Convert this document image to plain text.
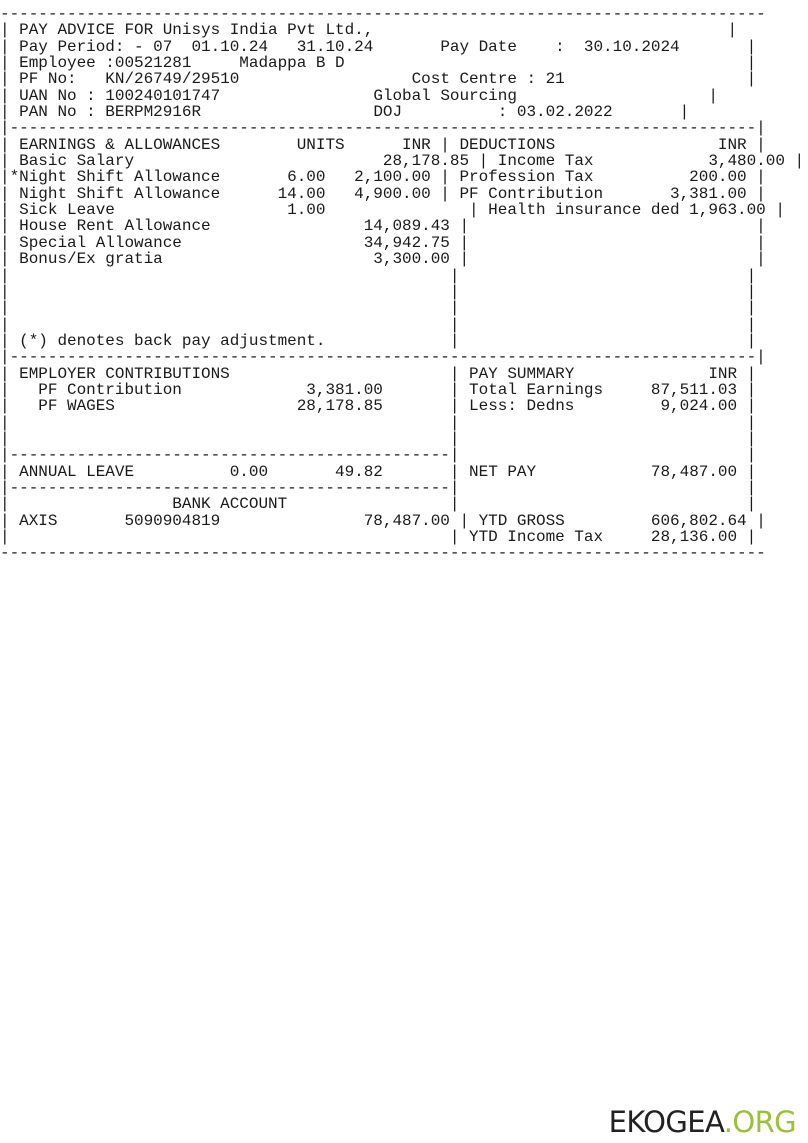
--------------------------------------------------------------------------------
| PAY ADVICE FOR Unisys India Pvt Ltd.,	|
| Pay Period: - 07  01.10.24   31.10.24	Pay Date    :  30.10.2024	|
| Employee :00521281     Madappa B D	|
| PF No:   KN/26749/29510	Cost Centre : 21	|
| UAN No : 100240101747	Global Sourcing	|
| PAN No : BERPM2916R	DOJ          : 03.02.2022	|
|------------------------------------------------------------------------------|
| EARNINGS & ALLOWANCES        UNITS      INR | DEDUCTIONS                 INR |
| Basic Salary                          28,178.85 | Income Tax            3,480.00 |
|*Night Shift Allowance       6.00   2,100.00 | Profession Tax          200.00 |
| Night Shift Allowance      14.00   4,900.00 | PF Contribution       3,381.00 |
| Sick Leave                  1.00               | Health insurance ded 1,963.00 |
| House Rent Allowance                14,089.43 |                              |
| Special Allowance                   34,942.75 |                              |
| Bonus/Ex gratia                      3,300.00 |                              |
|                                              |                              |
|                                              |                              |
|                                              |                              |
|                                              |                              |
| (*) denotes back pay adjustment.	|                              |
|------------------------------------------------------------------------------|
| EMPLOYER CONTRIBUTIONS                       | PAY SUMMARY              INR |
|   PF Contribution             3,381.00       | Total Earnings     87,511.03 |
|   PF WAGES                   28,178.85       | Less: Dedns         9,024.00 |
|                                              |                              |
|                                              |                              |
|----------------------------------------------|                              |
| ANNUAL LEAVE          0.00       49.82       | NET PAY            78,487.00 |
|----------------------------------------------|                              |
|	BANK ACCOUNT	|                              |
| AXIS       5090904819               78,487.00 | YTD GROSS         606,802.64 |
|                                              | YTD Income Tax     28,136.00 |
--------------------------------------------------------------------------------
EKOGEA.ORG
